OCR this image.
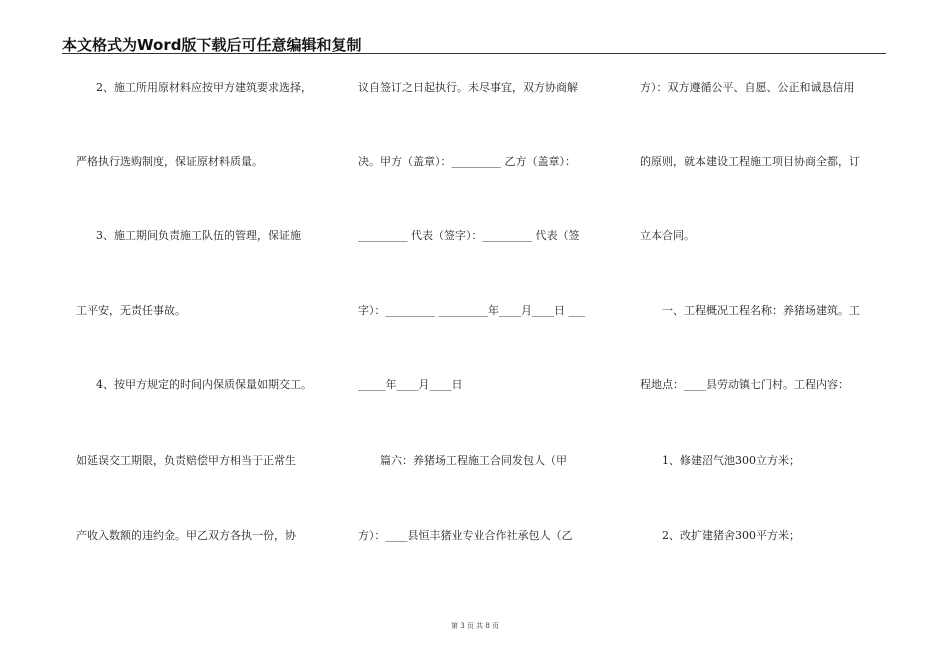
本文格式为Word版下载后可任意编辑和复制
2、施工所用原材料应按甲方建筑要求选择，
严格执行选购制度，保证原材料质量。
3、施工期间负责施工队伍的管理，保证施
工平安，无责任事故。
4、按甲方规定的时间内保质保量如期交工。
如延误交工期限，负责赔偿甲方相当于正常生
产收入数额的违约金。甲乙双方各执一份，协
议自签订之日起执行。未尽事宜，双方协商解
决。甲方（盖章）：_________ 乙方（盖章）：
_________ 代表（签字）：_________ 代表（签
字）：_________ _________年____月____日 ___
_____年____月____日
篇六：养猪场工程施工合同发包人（甲
方）：____县恒丰猪业专业合作社承包人（乙
方）：双方遵循公平、自愿、公正和诚恳信用
的原则，就本建设工程施工项目协商全都，订
立本合同。
一、工程概况工程名称：养猪场建筑。工
程地点：____县劳动镇七门村。工程内容：
1、修建沼气池300立方米；
2、改扩建猪舍300平方米；
第 3 页 共 8 页
